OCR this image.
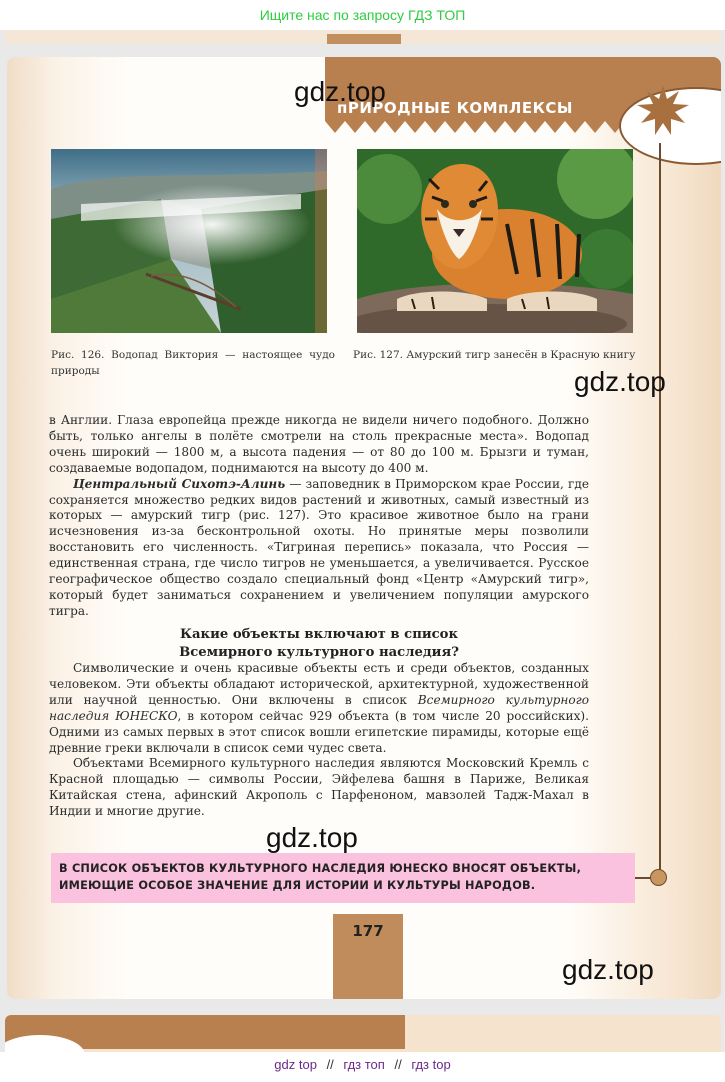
Ищите нас по запросу ГДЗ ТОП
пРИРОДНЫЕ КОМпЛЕКСЫ
Рис. 126. Водопад Виктория — настоящее чудо природы
Рис. 127. Амурский тигр занесён в Красную книгу

в Англии. Глаза европейца прежде никогда не видели ничего подобного. Должно быть, только ангелы в полёте смотрели на столь прекрасные места». Водопад очень широкий — 1800 м, а высота падения — от 80 до 100 м. Брызги и туман, создаваемые водопадом, поднимаются на высоту до 400 м.

Центральный Сихотэ-Алинь — заповедник в Приморском крае России, где сохраняется множество редких видов растений и животных, самый известный из которых — амурский тигр (рис. 127). Это красивое животное было на грани исчезновения из-за бесконтрольной охоты. Но принятые меры позволили восстановить его численность. «Тигриная перепись» показала, что Россия — единственная страна, где число тигров не уменьшается, а увеличивается. Русское географическое общество создало специальный фонд «Центр «Амурский тигр», который будет заниматься сохранением и увеличением популяции амурского тигра.

Какие объекты включают в список
Всемирного культурного наследия?

Символические и очень красивые объекты есть и среди объектов, созданных человеком. Эти объекты обладают исторической, архитектурной, художественной или научной ценностью. Они включены в список Всемирного культурного наследия ЮНЕСКО, в котором сейчас 929 объекта (в том числе 20 российских). Одними из самых первых в этот список вошли египетские пирамиды, которые ещё древние греки включали в список семи чудес света.

Объектами Всемирного культурного наследия являются Московский Кремль с Красной площадью — символы России, Эйфелева башня в Париже, Великая Китайская стена, афинский Акрополь с Парфеноном, мавзолей Тадж-Махал в Индии и многие другие.

В СПИСОК ОБЪЕКТОВ КУЛЬТУРНОГО НАСЛЕДИЯ ЮНЕСКО ВНОСЯТ ОБЪЕКТЫ,
ИМЕЮЩИЕ ОСОБОЕ ЗНАЧЕНИЕ ДЛЯ ИСТОРИИ И КУЛЬТУРЫ НАРОДОВ.
177
gdz.top
gdz.top
gdz.top
gdz.top
gdz top // гдз топ // гдз top
